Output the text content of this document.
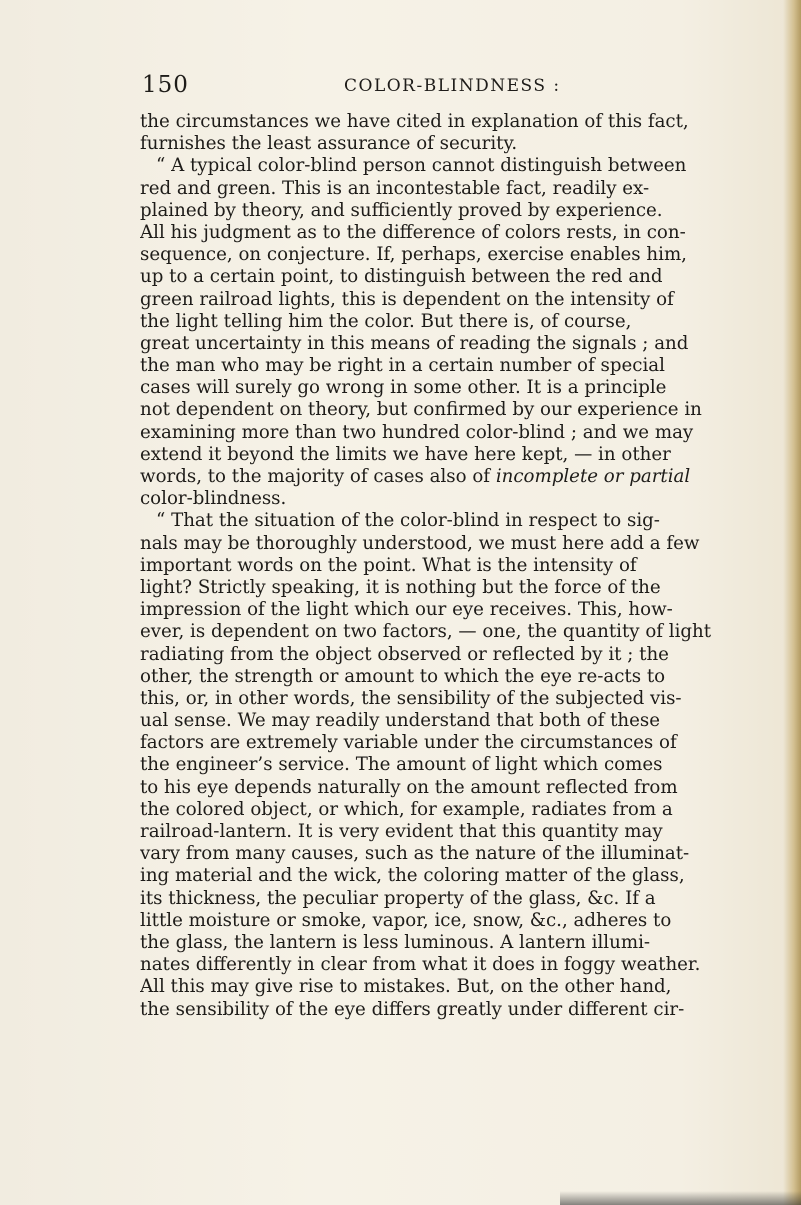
150	COLOR-BLINDNESS :
the circumstances we have cited in explanation of this fact,
furnishes the least assurance of security.
“ A typical color-blind person cannot distinguish between
red and green. This is an incontestable fact, readily ex-
plained by theory, and sufficiently proved by experience.
All his judgment as to the difference of colors rests, in con-
sequence, on conjecture. If, perhaps, exercise enables him,
up to a certain point, to distinguish between the red and
green railroad lights, this is dependent on the intensity of
the light telling him the color. But there is, of course,
great uncertainty in this means of reading the signals ; and
the man who may be right in a certain number of special
cases will surely go wrong in some other. It is a principle
not dependent on theory, but confirmed by our experience in
examining more than two hundred color-blind ; and we may
extend it beyond the limits we have here kept, — in other
words, to the majority of cases also of incomplete or partial
color-blindness.
“ That the situation of the color-blind in respect to sig-
nals may be thoroughly understood, we must here add a few
important words on the point. What is the intensity of
light? Strictly speaking, it is nothing but the force of the
impression of the light which our eye receives. This, how-
ever, is dependent on two factors, — one, the quantity of light
radiating from the object observed or reflected by it ; the
other, the strength or amount to which the eye re-acts to
this, or, in other words, the sensibility of the subjected vis-
ual sense. We may readily understand that both of these
factors are extremely variable under the circumstances of
the engineer’s service. The amount of light which comes
to his eye depends naturally on the amount reflected from
the colored object, or which, for example, radiates from a
railroad-lantern. It is very evident that this quantity may
vary from many causes, such as the nature of the illuminat-
ing material and the wick, the coloring matter of the glass,
its thickness, the peculiar property of the glass, &c. If a
little moisture or smoke, vapor, ice, snow, &c., adheres to
the glass, the lantern is less luminous. A lantern illumi-
nates differently in clear from what it does in foggy weather.
All this may give rise to mistakes. But, on the other hand,
the sensibility of the eye differs greatly under different cir-
